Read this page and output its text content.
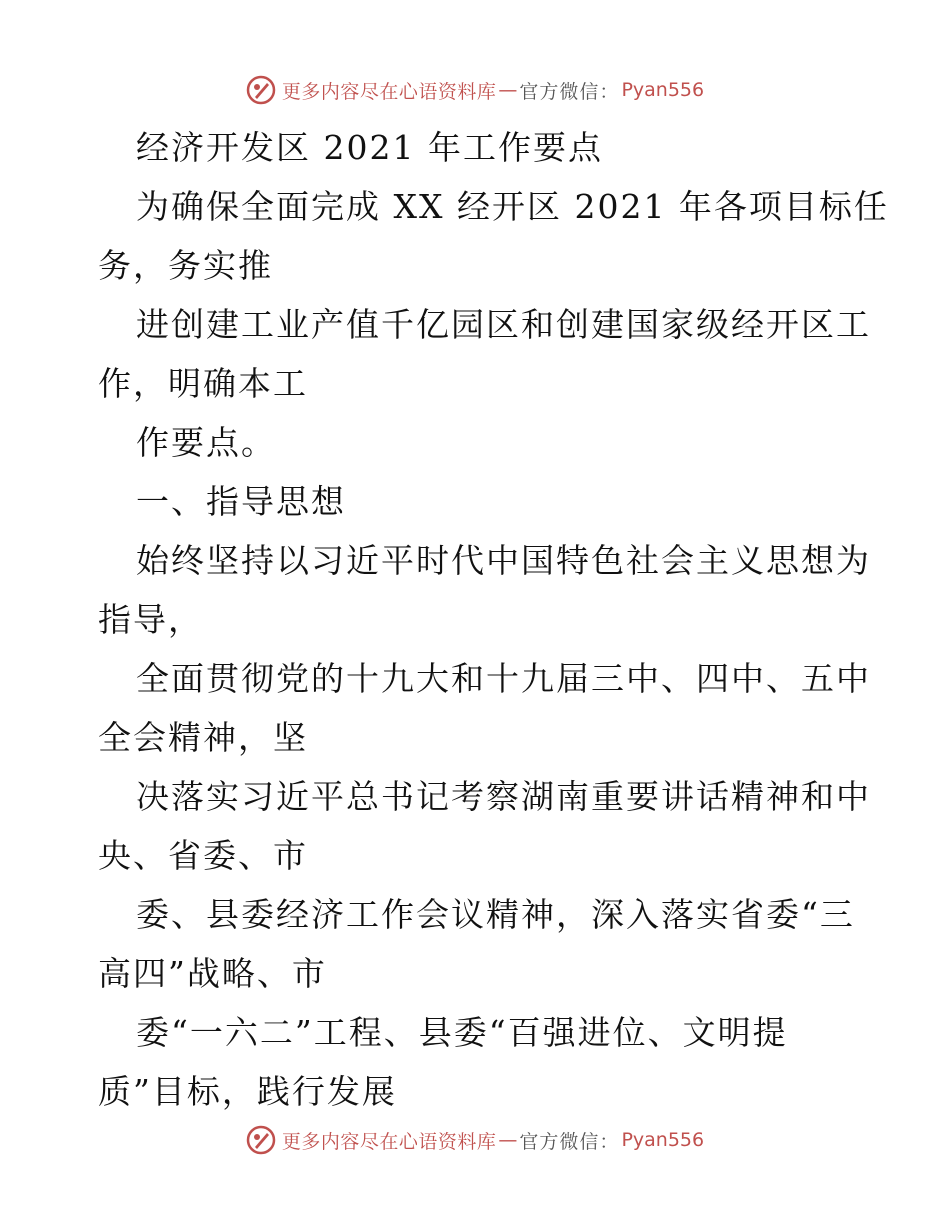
更多内容尽在心语资料库 — 官方微信： Pyan556
经济开发区 2021 年工作要点
为确保全面完成 XX 经开区 2021 年各项目标任
务，务实推
进创建工业产值千亿园区和创建国家级经开区工
作，明确本工
作要点。
一、指导思想
始终坚持以习近平时代中国特色社会主义思想为
指导，
全面贯彻党的十九大和十九届三中、四中、五中
全会精神，坚
决落实习近平总书记考察湖南重要讲话精神和中
央、省委、市
委、县委经济工作会议精神，深入落实省委“三
高四”战略、市
委“一六二”工程、县委“百强进位、文明提
质”目标，践行发展
更多内容尽在心语资料库 — 官方微信： Pyan556
